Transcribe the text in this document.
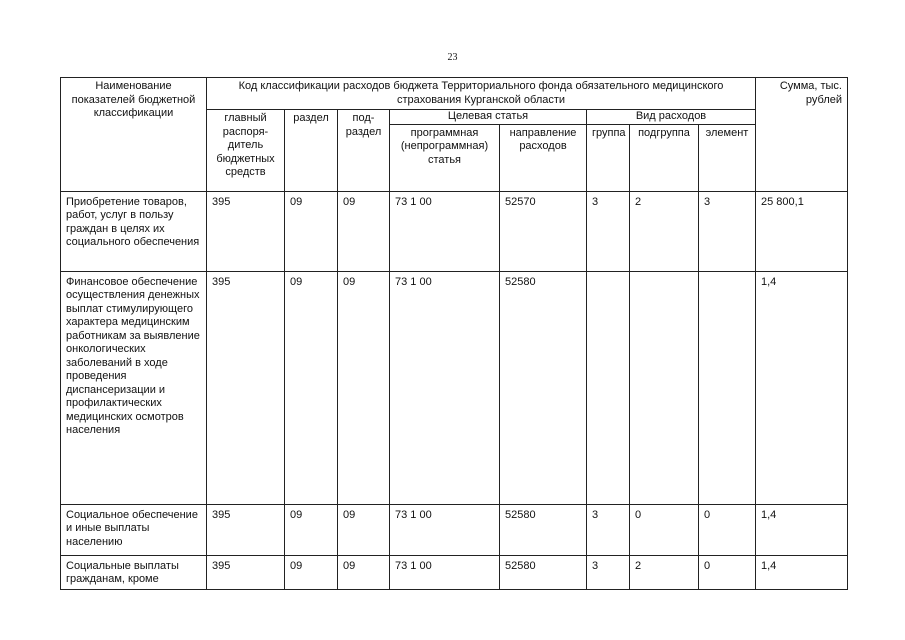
23
Наименование показателей бюджетной классификации	Код классификации расходов бюджета Территориального фонда обязательного медицинского страхования Курганской области								Сумма, тыс. рублей
	главный распоря-дитель бюджетных средств	раздел	под-раздел	Целевая статья		Вид расходов			
				программная (непрограммная) статья	направление расходов	группа	подгруппа	элемент	
Приобретение товаров, работ, услуг в пользу граждан в целях их социального обеспечения	395	09	09	73 1 00	52570	3	2	3	25 800,1
Финансовое обеспечение осуществления денежных выплат стимулирующего характера медицинским работникам за выявление онкологических заболеваний в ходе проведения диспансеризации и профилактических медицинских осмотров населения	395	09	09	73 1 00	52580				1,4
Социальное обеспечение и иные выплаты населению	395	09	09	73 1 00	52580	3	0	0	1,4
Социальные выплаты гражданам, кроме	395	09	09	73 1 00	52580	3	2	0	1,4
